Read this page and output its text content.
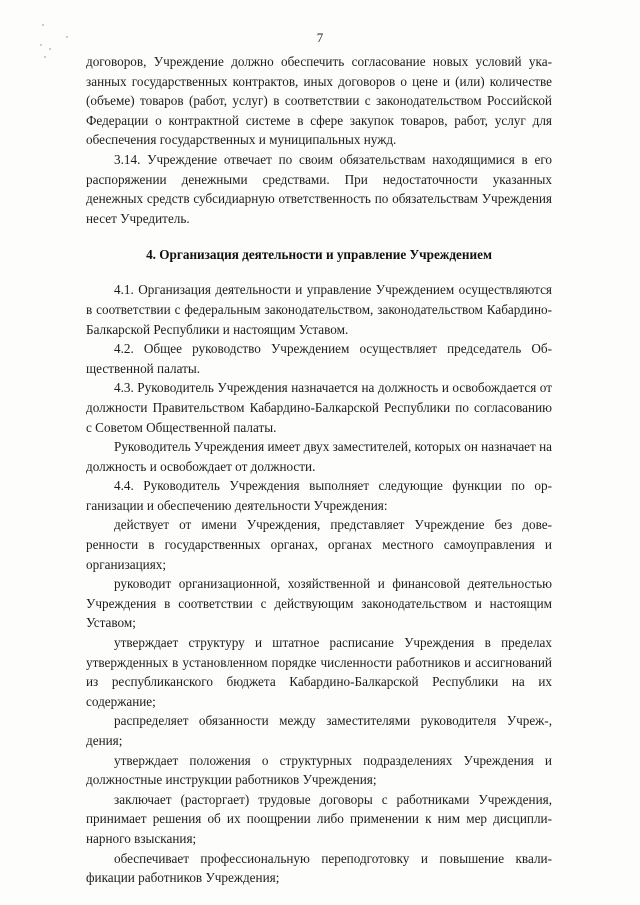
7

договоров, Учреждение должно обеспечить согласование новых условий указанных государственных контрактов, иных договоров о цене и (или) количестве (объеме) товаров (работ, услуг) в соответствии с законодательством Российской Федерации о контрактной системе в сфере закупок товаров, работ, услуг для обеспечения государственных и муниципальных нужд.

3.14. Учреждение отвечает по своим обязательствам находящимися в его распоряжении денежными средствами. При недостаточности указанных денежных средств субсидиарную ответственность по обязательствам Учреждения несет Учредитель.

4. Организация деятельности и управление Учреждением

4.1. Организация деятельности и управление Учреждением осуществляются в соответствии с федеральным законодательством, законодательством Кабардино-Балкарской Республики и настоящим Уставом.

4.2. Общее руководство Учреждением осуществляет председатель Общественной палаты.

4.3. Руководитель Учреждения назначается на должность и освобождается от должности Правительством Кабардино-Балкарской Республики по согласованию с Советом Общественной палаты.

Руководитель Учреждения имеет двух заместителей, которых он назначает на должность и освобождает от должности.

4.4. Руководитель Учреждения выполняет следующие функции по организации и обеспечению деятельности Учреждения:

действует от имени Учреждения, представляет Учреждение без доверенности в государственных органах, органах местного самоуправления и организациях;

руководит организационной, хозяйственной и финансовой деятельностью Учреждения в соответствии с действующим законодательством и настоящим Уставом;

утверждает структуру и штатное расписание Учреждения в пределах утвержденных в установленном порядке численности работников и ассигнований из республиканского бюджета Кабардино-Балкарской Республики на их содержание;

распределяет обязанности между заместителями руководителя Учреж-, дения;

утверждает положения о структурных подразделениях Учреждения и должностные инструкции работников Учреждения;

заключает (расторгает) трудовые договоры с работниками Учреждения, принимает решения об их поощрении либо применении к ним мер дисциплинарного взыскания;

обеспечивает профессиональную переподготовку и повышение квалификации работников Учреждения;
